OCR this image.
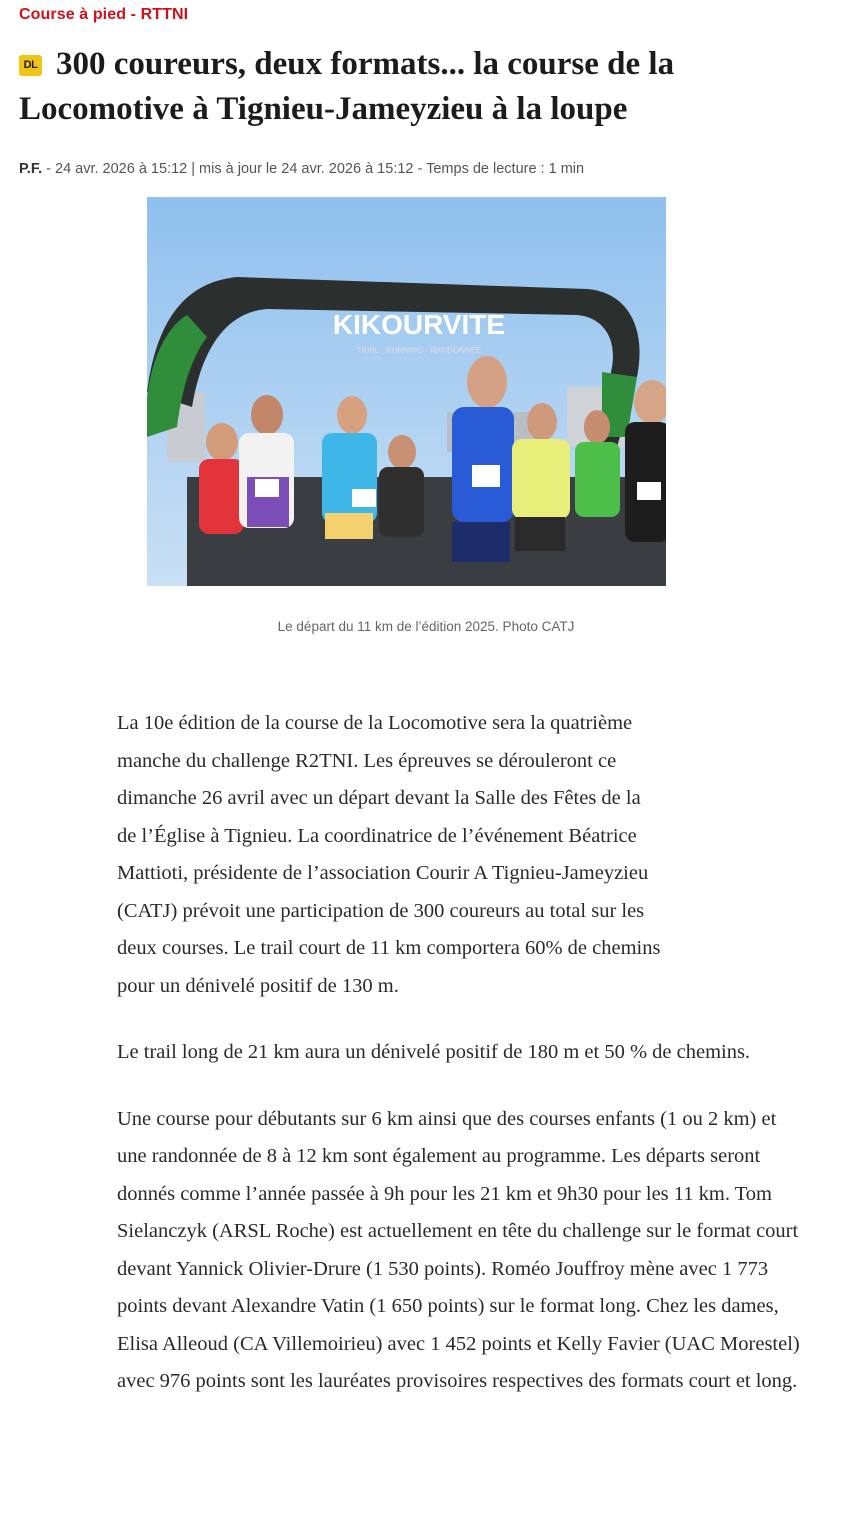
Course à pied - RTTNI
DL 300 coureurs, deux formats... la course de la Locomotive à Tignieu-Jameyzieu à la loupe
P.F. - 24 avr. 2026 à 15:12 | mis à jour le 24 avr. 2026 à 15:12 - Temps de lecture : 1 min
KIKOURVITE
TRAIL · RUNNING · RANDONNÉE
Le départ du 11 km de l’édition 2025. Photo CATJ

La 10e édition de la course de la Locomotive sera la quatrième
manche du challenge R2TNI. Les épreuves se dérouleront ce
dimanche 26 avril avec un départ devant la Salle des Fêtes de la
de l’Église à Tignieu. La coordinatrice de l’événement Béatrice
Mattioti, présidente de l’association Courir A Tignieu-Jameyzieu
(CATJ) prévoit une participation de 300 coureurs au total sur les
deux courses. Le trail court de 11 km comportera 60% de chemins
pour un dénivelé positif de 130 m.

Le trail long de 21 km aura un dénivelé positif de 180 m et 50 % de chemins.

Une course pour débutants sur 6 km ainsi que des courses enfants (1 ou 2 km) et une randonnée de 8 à 12 km sont également au programme. Les départs seront donnés comme l’année passée à 9h pour les 21 km et 9h30 pour les 11 km. Tom Sielanczyk (ARSL Roche) est actuellement en tête du challenge sur le format court devant Yannick Olivier-Drure (1 530 points). Roméo Jouffroy mène avec 1 773 points devant Alexandre Vatin (1 650 points) sur le format long. Chez les dames, Elisa Alleoud (CA Villemoirieu) avec 1 452 points et Kelly Favier (UAC Morestel) avec 976 points sont les lauréates provisoires respectives des formats court et long.
